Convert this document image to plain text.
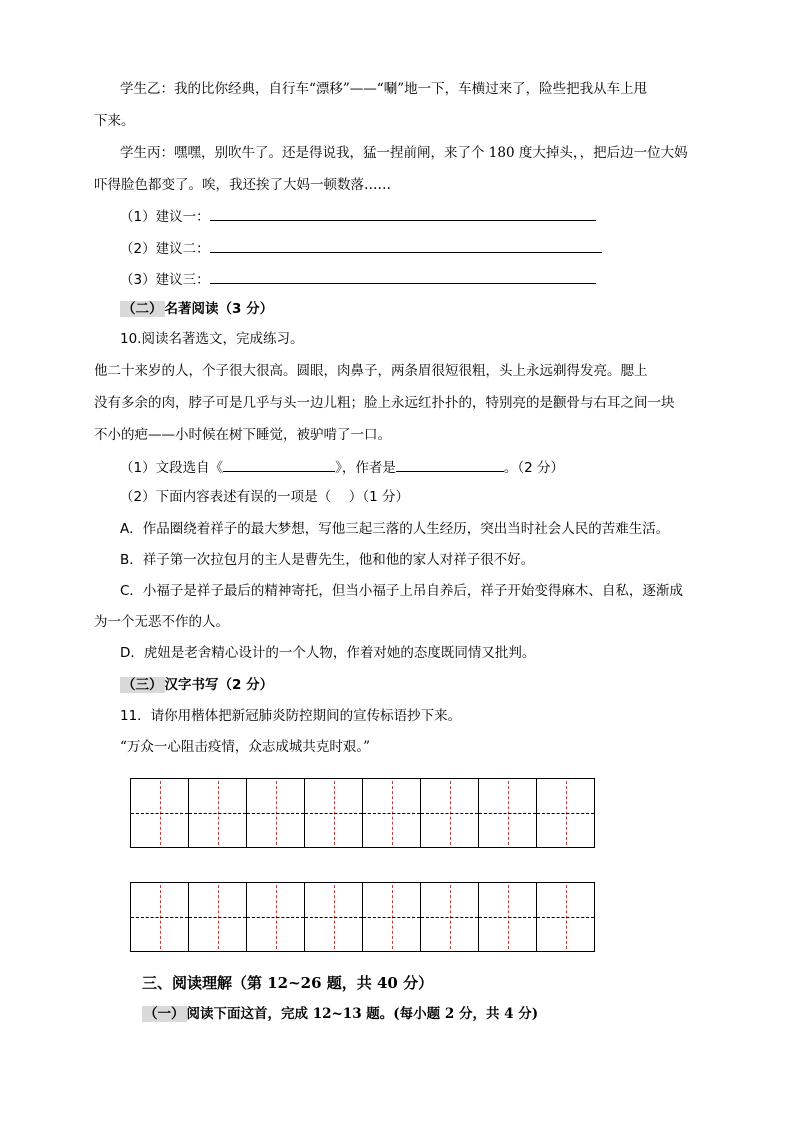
学生乙：我的比你经典，自行车“漂移”——“唰”地一下，车横过来了，险些把我从车上甩
下来。
学生丙：嘿嘿，别吹牛了。还是得说我，猛一捏前闸，来了个 180 度大掉头，，把后边一位大妈
吓得脸色都变了。唉，我还挨了大妈一顿数落……
（1）建议一：
（2）建议二：
（3）建议三：
（二） 名著阅读（3 分）
10.阅读名著选文，完成练习。
他二十来岁的人，个子很大很高。圆眼，肉鼻子，两条眉很短很粗，头上永远剃得发亮。腮上
没有多余的肉，脖子可是几乎与头一边儿粗；脸上永远红扑扑的，特别亮的是颧骨与右耳之间一块
不小的疤——小时候在树下睡觉，被驴啃了一口。
（1）文段选自《	》，作者是	。（2 分）
（2）下面内容表述有误的一项是（　 ）（1 分）
A．作品圈绕着祥子的最大梦想，写他三起三落的人生经历，突出当时社会人民的苦难生活。
B．祥子第一次拉包月的主人是曹先生，他和他的家人对祥子很不好。
C．小福子是祥子最后的精神寄托，但当小福子上吊自养后，祥子开始变得麻木、自私，逐渐成
为一个无恶不作的人。
D．虎妞是老舍精心设计的一个人物，作着对她的态度既同情又批判。
（三） 汉字书写（2 分）
11．请你用楷体把新冠肺炎防控期间的宣传标语抄下来。
“万众一心阻击疫情，众志成城共克时艰。”
三、阅读理解（第 12~26 题，共 40 分）
（一） 阅读下面这首，完成 12~13 题。(每小题 2 分，共 4 分)
